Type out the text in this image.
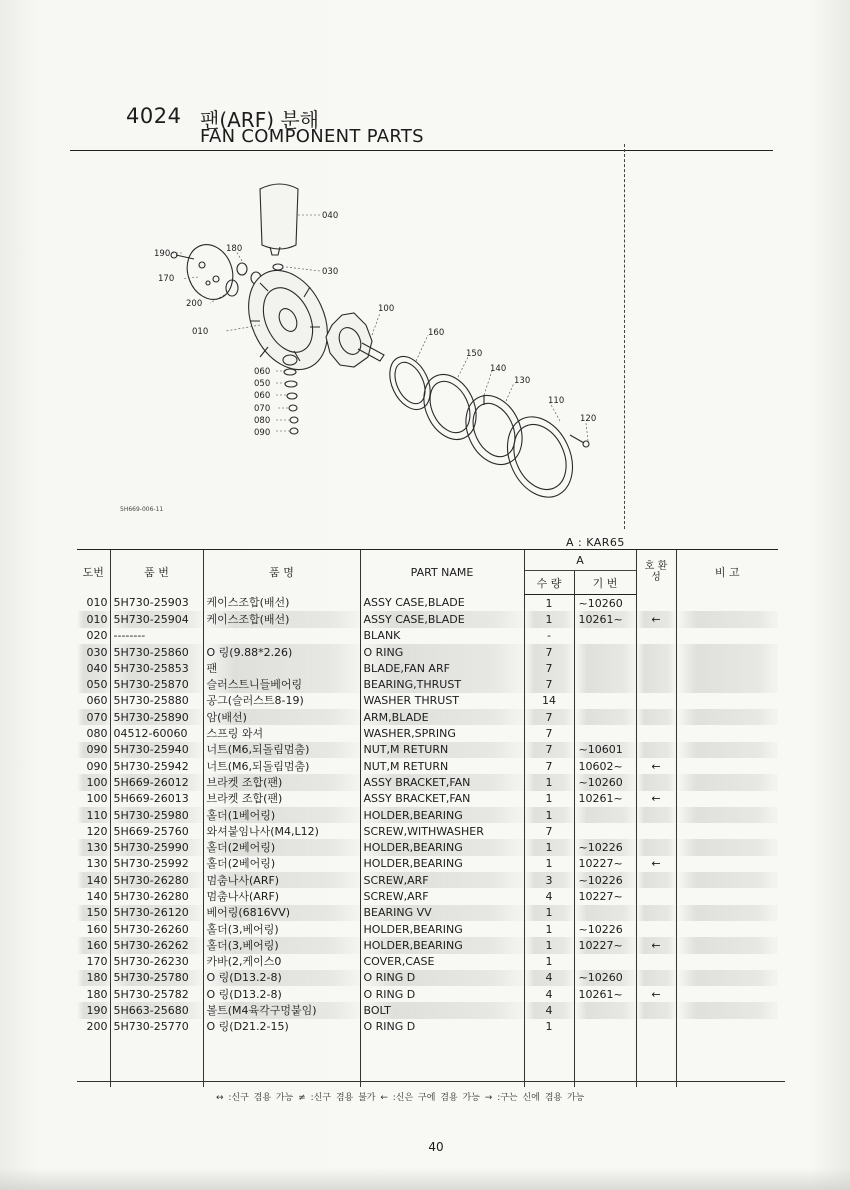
4024 팬(ARF) 분해
FAN COMPONENT PARTS
040
030
190	180
170
200
010
100
160
150
140
130
110
120
060
050
060
070
080
090
5H669-006-11
A : KAR65
도번	품 번	품 명	PART NAME	A		호 환 성	비 고
				수 량	기 번		
010	5H730-25903	케이스조합(배선)	ASSY CASE,BLADE	1	~10260		
010	5H730-25904	케이스조합(배선)	ASSY CASE,BLADE	1	10261~	←	
020	--------		BLANK	-			
030	5H730-25860	O 링(9.88*2.26)	O RING	7			
040	5H730-25853	팬	BLADE,FAN ARF	7			
050	5H730-25870	슬러스트니들베어링	BEARING,THRUST	7			
060	5H730-25880	공그(슬러스트8-19)	WASHER THRUST	14			
070	5H730-25890	암(배선)	ARM,BLADE	7			
080	04512-60060	스프링 와셔	WASHER,SPRING	7			
090	5H730-25940	너트(M6,되돌림멈춤)	NUT,M RETURN	7	~10601		
090	5H730-25942	너트(M6,되돌림멈춤)	NUT,M RETURN	7	10602~	←	
100	5H669-26012	브라켓 조합(팬)	ASSY BRACKET,FAN	1	~10260		
100	5H669-26013	브라켓 조합(팬)	ASSY BRACKET,FAN	1	10261~	←	
110	5H730-25980	홀더(1베어링)	HOLDER,BEARING	1			
120	5H669-25760	와셔붙임나사(M4,L12)	SCREW,WITHWASHER	7			
130	5H730-25990	홀더(2베어링)	HOLDER,BEARING	1	~10226		
130	5H730-25992	홀더(2베어링)	HOLDER,BEARING	1	10227~	←	
140	5H730-26280	멈춤나사(ARF)	SCREW,ARF	3	~10226		
140	5H730-26280	멈춤나사(ARF)	SCREW,ARF	4	10227~		
150	5H730-26120	베어링(6816VV)	BEARING VV	1			
160	5H730-26260	홀더(3,베어링)	HOLDER,BEARING	1	~10226		
160	5H730-26262	홀더(3,베어링)	HOLDER,BEARING	1	10227~	←	
170	5H730-26230	카바(2,케이스0	COVER,CASE	1			
180	5H730-25780	O 링(D13.2-8)	O RING D	4	~10260		
180	5H730-25782	O 링(D13.2-8)	O RING D	4	10261~	←	
190	5H663-25680	볼트(M4육각구멍붙임)	BOLT	4			
200	5H730-25770	O 링(D21.2-15)	O RING D	1			

↔ :신구 겸용 가능 ≠ :신구 겸용 불가 ← :신은 구에 겸용 가능 → :구는 신에 겸용 가능
40
